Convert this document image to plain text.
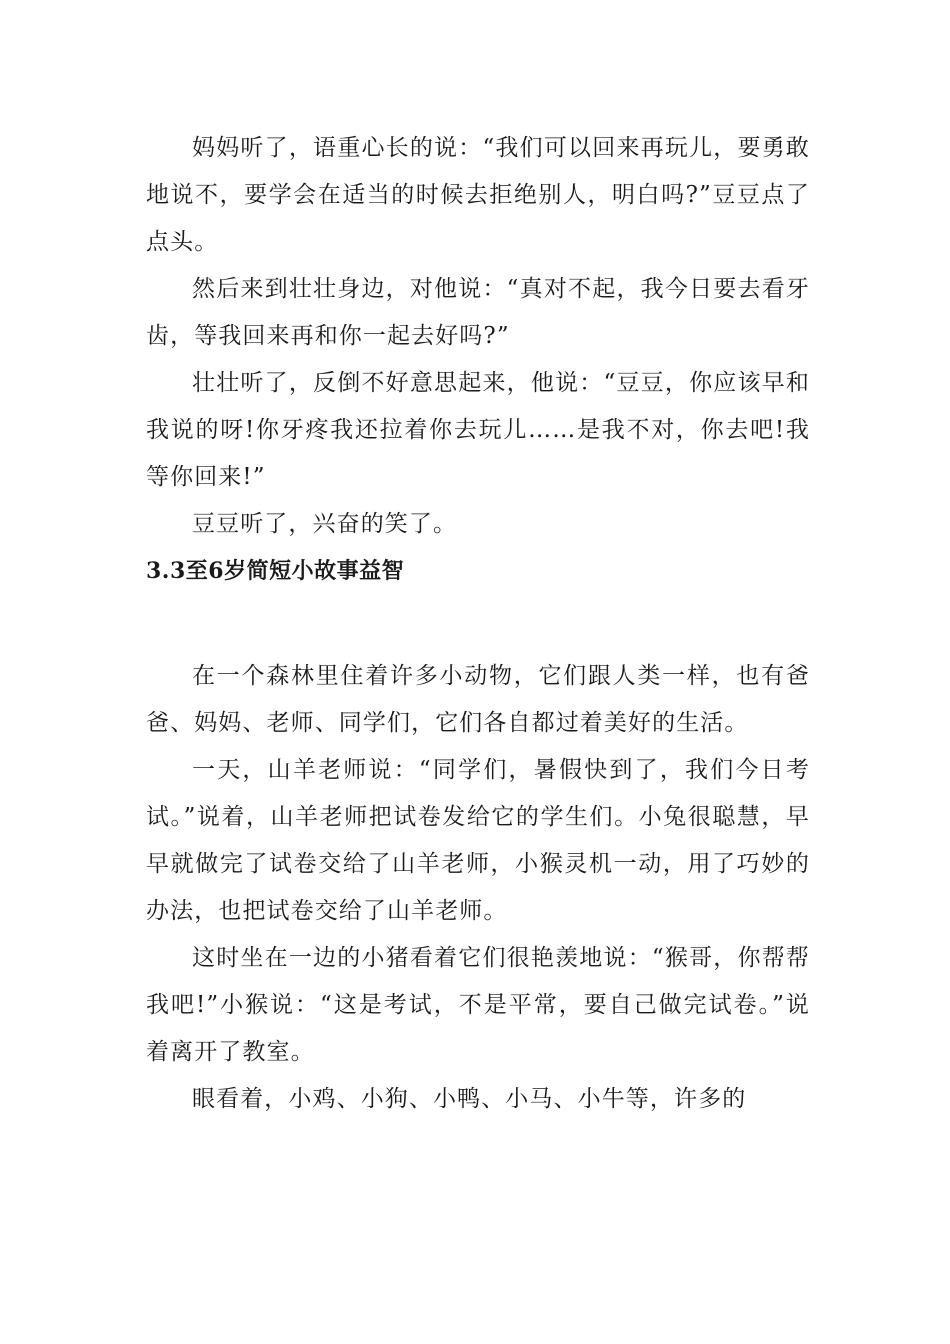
妈妈听了，语重心长的说：“我们可以回来再玩儿，要勇敢地说不，要学会在适当的时候去拒绝别人，明白吗?”豆豆点了点头。

然后来到壮壮身边，对他说：“真对不起，我今日要去看牙齿，等我回来再和你一起去好吗?”

壮壮听了，反倒不好意思起来，他说：“豆豆，你应该早和我说的呀!你牙疼我还拉着你去玩儿……是我不对，你去吧!我等你回来!”

豆豆听了，兴奋的笑了。

3.3至6岁简短小故事益智

在一个森林里住着许多小动物，它们跟人类一样，也有爸爸、妈妈、老师、同学们，它们各自都过着美好的生活。

一天，山羊老师说：“同学们，暑假快到了，我们今日考试。”说着，山羊老师把试卷发给它的学生们。小兔很聪慧，早早就做完了试卷交给了山羊老师，小猴灵机一动，用了巧妙的办法，也把试卷交给了山羊老师。

这时坐在一边的小猪看着它们很艳羡地说：“猴哥，你帮帮我吧!”小猴说：“这是考试，不是平常，要自己做完试卷。”说着离开了教室。

眼看着，小鸡、小狗、小鸭、小马、小牛等，许多的
